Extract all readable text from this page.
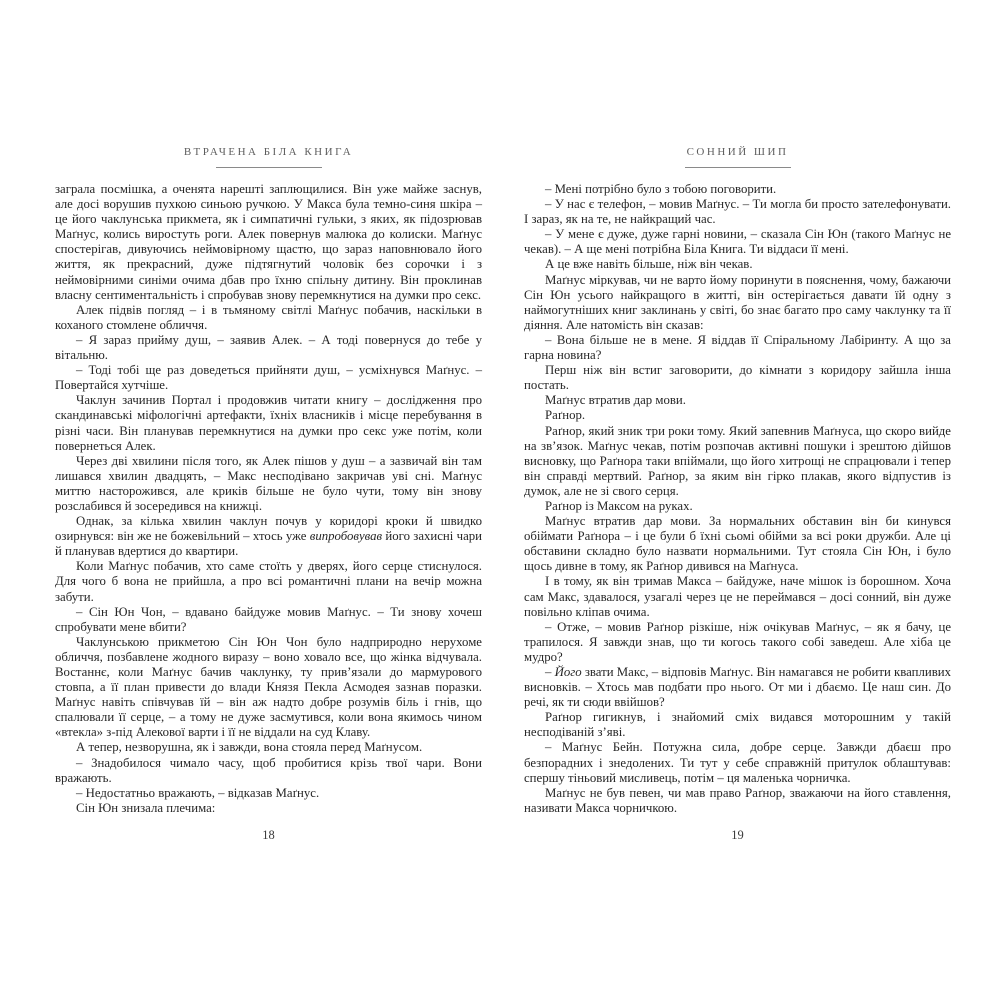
ВТРАЧЕНА БІЛА КНИГА

заграла посмішка, а оченята нарешті заплющилися. Він уже майже заснув, але досі ворушив пухкою синьою ручкою. У Макса була темно-синя шкіра – це його чаклунська прикмета, як і симпатичні гульки, з яких, як підозрював Маґнус, колись виростуть роги. Алек повернув малюка до колиски. Маґнус спостерігав, дивуючись неймовірному щастю, що зараз наповнювало його життя, як прекрасний, дуже підтягнутий чоловік без сорочки і з неймовірними синіми очима дбав про їхню спільну дитину. Він проклинав власну сентиментальність і спробував знову перемкнутися на думки про секс.

Алек підвів погляд – і в тьмяному світлі Маґнус побачив, наскільки в коханого стомлене обличчя.

– Я зараз прийму душ, – заявив Алек. – А тоді повернуся до тебе у вітальню.

– Тоді тобі ще раз доведеться прийняти душ, – усміхнувся Маґнус. – Повертайся хутчіше.

Чаклун зачинив Портал і продовжив читати книгу – дослідження про скандинавські міфологічні артефакти, їхніх власників і місце перебування в різні часи. Він планував перемкнутися на думки про секс уже потім, коли повернеться Алек.

Через дві хвилини після того, як Алек пішов у душ – а зазвичай він там лишався хвилин двадцять, – Макс несподівано закричав уві сні. Маґнус миттю насторожився, але криків більше не було чути, тому він знову розслабився й зосередився на книжці.

Однак, за кілька хвилин чаклун почув у коридорі кроки й швидко озирнувся: він же не божевільний – хтось уже випробовував його захисні чари й планував вдертися до квартири.

Коли Маґнус побачив, хто саме стоїть у дверях, його серце стиснулося. Для чого б вона не прийшла, а про всі романтичні плани на вечір можна забути.

– Сін Юн Чон, – вдавано байдуже мовив Маґнус. – Ти знову хочеш спробувати мене вбити?

Чаклунською прикметою Сін Юн Чон було надприродно нерухоме обличчя, позбавлене жодного виразу – воно ховало все, що жінка відчувала. Востаннє, коли Маґнус бачив чаклунку, ту прив’язали до мармурового стовпа, а її план привести до влади Князя Пекла Асмодея зазнав поразки. Маґнус навіть співчував їй – він аж надто добре розумів біль і гнів, що спалювали її серце, – а тому не дуже засмутився, коли вона якимось чином «втекла» з-під Алекової варти і її не віддали на суд Клаву.

А тепер, незворушна, як і завжди, вона стояла перед Маґнусом.

– Знадобилося чимало часу, щоб пробитися крізь твої чари. Вони вражають.

– Недостатньо вражають, – відказав Маґнус.

Сін Юн знизала плечима:

18
СОННИЙ ШИП

– Мені потрібно було з тобою поговорити.

– У нас є телефон, – мовив Маґнус. – Ти могла би просто зателефонувати. І зараз, як на те, не найкращий час.

– У мене є дуже, дуже гарні новини, – сказала Сін Юн (такого Маґнус не чекав). – А ще мені потрібна Біла Книга. Ти віддаси її мені.

А це вже навіть більше, ніж він чекав.

Маґнус міркував, чи не варто йому поринути в пояснення, чому, бажаючи Сін Юн усього найкращого в житті, він остерігається давати їй одну з наймогутніших книг заклинань у світі, бо знає багато про саму чаклунку та її діяння. Але натомість він сказав:

– Вона більше не в мене. Я віддав її Спіральному Лабіринту. А що за гарна новина?

Перш ніж він встиг заговорити, до кімнати з коридору зайшла інша постать.

Маґнус втратив дар мови.

Раґнор.

Раґнор, який зник три роки тому. Який запевнив Маґнуса, що скоро вийде на зв’язок. Маґнус чекав, потім розпочав активні пошуки і зрештою дійшов висновку, що Раґнора таки впіймали, що його хитрощі не спрацювали і тепер він справді мертвий. Раґнор, за яким він гірко плакав, якого відпустив із думок, але не зі свого серця.

Раґнор із Максом на руках.

Маґнус втратив дар мови. За нормальних обставин він би кинувся обіймати Раґнора – і це були б їхні сьомі обійми за всі роки дружби. Але ці обставини складно було назвати нормальними. Тут стояла Сін Юн, і було щось дивне в тому, як Раґнор дивився на Маґнуса.

І в тому, як він тримав Макса – байдуже, наче мішок із борошном. Хоча сам Макс, здавалося, узагалі через це не переймався – досі сонний, він дуже повільно кліпав очима.

– Отже, – мовив Раґнор різкіше, ніж очікував Маґнус, – як я бачу, це трапилося. Я завжди знав, що ти когось такого собі заведеш. Але хіба це мудро?

– Його звати Макс, – відповів Маґнус. Він намагався не робити квапливих висновків. – Хтось мав подбати про нього. От ми і дбаємо. Це наш син. До речі, як ти сюди ввійшов?

Раґнор гигикнув, і знайомий сміх видався моторошним у такій несподіваній з’яві.

– Маґнус Бейн. Потужна сила, добре серце. Завжди дбаєш про безпорадних і знедолених. Ти тут у себе справжній притулок облаштував: спершу тіньовий мисливець, потім – ця маленька чорничка.

Маґнус не був певен, чи мав право Раґнор, зважаючи на його ставлення, називати Макса чорничкою.

19
